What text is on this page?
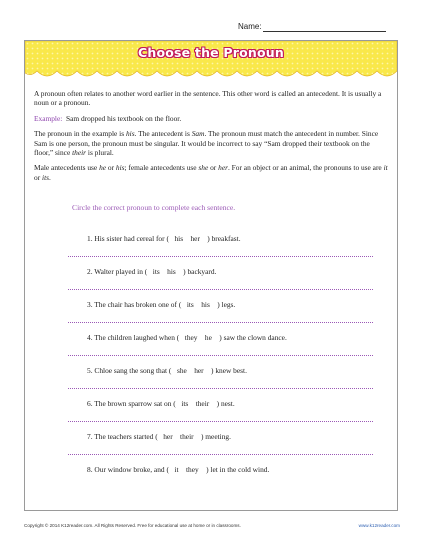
Name:
Choose the Pronoun

A pronoun often relates to another word earlier in the sentence. This other word is called an antecedent. It is usually a noun or a pronoun.

Example: Sam dropped his textbook on the floor.

The pronoun in the example is his. The antecedent is Sam. The pronoun must match the antecedent in number. Since Sam is one person, the pronoun must be singular. It would be incorrect to say “Sam dropped their textbook on the floor,” since their is plural.

Male antecedents use he or his; female antecedents use she or her. For an object or an animal, the pronouns to use are it or its.

Circle the correct pronoun to complete each sentence.
1. His sister had cereal for (   his her    ) breakfast.
2. Walter played in (   its his    ) backyard.
3. The chair has broken one of (   its his    ) legs.
4. The children laughed when (   they he    ) saw the clown dance.
5. Chloe sang the song that (   she her    ) knew best.
6. The brown sparrow sat on (   its their    ) nest.
7. The teachers started (   her their    ) meeting.
8. Our window broke, and (   it they    ) let in the cold wind.
Copyright © 2014 K12reader.com. All Rights Reserved. Free for educational use at home or in classrooms.	www.k12reader.com
